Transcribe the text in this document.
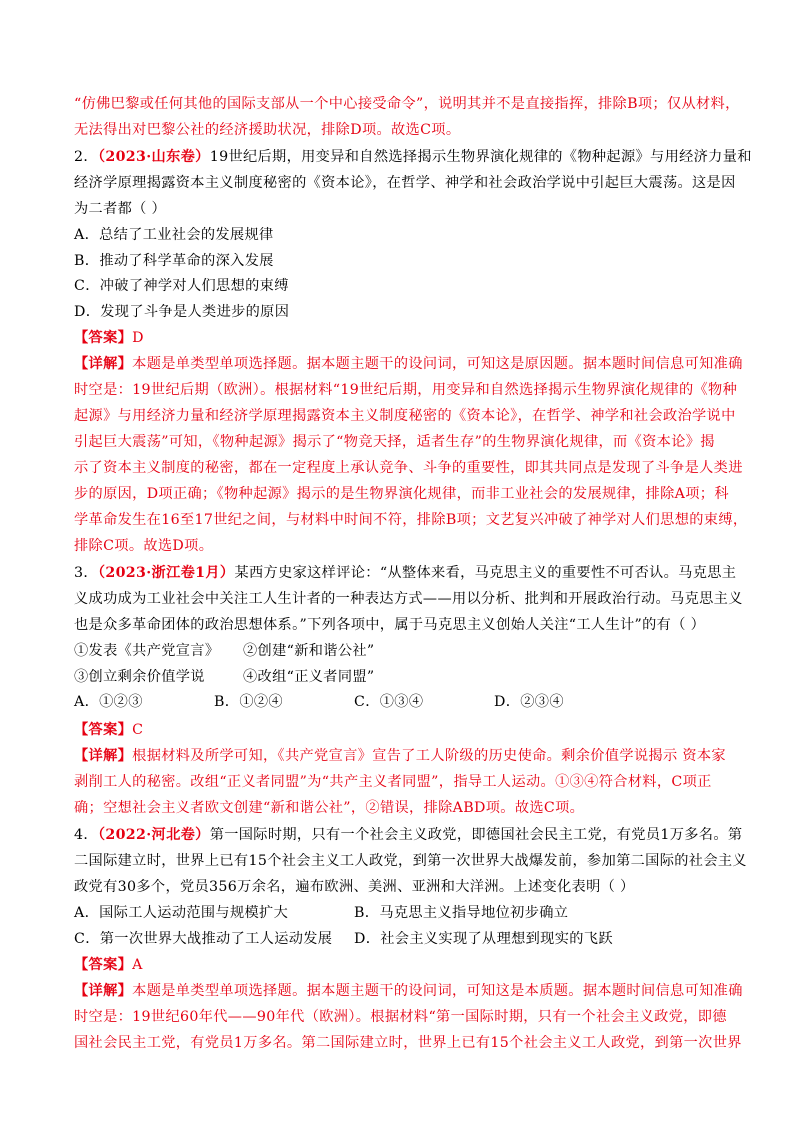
“仿佛巴黎或任何其他的国际支部从一个中心接受命令”，说明其并不是直接指挥，排除B项；仅从材料，
无法得出对巴黎公社的经济援助状况，排除D项。故选C项。
2．（2023·山东卷）19世纪后期，用变异和自然选择揭示生物界演化规律的《物种起源》与用经济力量和
经济学原理揭露资本主义制度秘密的《资本论》，在哲学、神学和社会政治学说中引起巨大震荡。这是因
为二者都（ ）
A．总结了工业社会的发展规律
B．推动了科学革命的深入发展
C．冲破了神学对人们思想的束缚
D．发现了斗争是人类进步的原因
【答案】D
【详解】本题是单类型单项选择题。据本题主题干的设问词，可知这是原因题。据本题时间信息可知准确
时空是：19世纪后期（欧洲）。根据材料“19世纪后期，用变异和自然选择揭示生物界演化规律的《物种
起源》与用经济力量和经济学原理揭露资本主义制度秘密的《资本论》，在哲学、神学和社会政治学说中
引起巨大震荡”可知，《物种起源》揭示了“物竞天择，适者生存”的生物界演化规律，而《资本论》揭
示了资本主义制度的秘密，都在一定程度上承认竞争、斗争的重要性，即其共同点是发现了斗争是人类进
步的原因，D项正确；《物种起源》揭示的是生物界演化规律，而非工业社会的发展规律，排除A项；科
学革命发生在16至17世纪之间，与材料中时间不符，排除B项；文艺复兴冲破了神学对人们思想的束缚，
排除C项。故选D项。
3．（2023·浙江卷1月）某西方史家这样评论：“从整体来看，马克思主义的重要性不可否认。马克思主
义成功成为工业社会中关注工人生计者的一种表达方式——用以分析、批判和开展政治行动。马克思主义
也是众多革命团体的政治思想体系。”下列各项中，属于马克思主义创始人关注“工人生计”的有（ ）
①发表《共产党宣言》 ②创建“新和谐公社”
③创立剩余价值学说	④改组“正义者同盟”
A．①②③	B．①②④	C．①③④	D．②③④
【答案】C
【详解】根据材料及所学可知，《共产党宣言》宣告了工人阶级的历史使命。剩余价值学说揭示 资本家
剥削工人的秘密。改组“正义者同盟”为“共产主义者同盟”，指导工人运动。①③④符合材料，C项正
确；空想社会主义者欧文创建“新和谐公社”，②错误，排除ABD项。故选C项。
4．（2022·河北卷）第一国际时期，只有一个社会主义政党，即德国社会民主工党，有党员1万多名。第
二国际建立时，世界上已有15个社会主义工人政党，到第一次世界大战爆发前，参加第二国际的社会主义
政党有30多个，党员356万余名，遍布欧洲、美洲、亚洲和大洋洲。上述变化表明（ ）
A．国际工人运动范围与规模扩大	B．马克思主义指导地位初步确立
C．第一次世界大战推动了工人运动发展 D．社会主义实现了从理想到现实的飞跃
【答案】A
【详解】本题是单类型单项选择题。据本题主题干的设问词，可知这是本质题。据本题时间信息可知准确
时空是：19世纪60年代——90年代（欧洲）。根据材料“第一国际时期，只有一个社会主义政党，即德
国社会民主工党，有党员1万多名。第二国际建立时，世界上已有15个社会主义工人政党，到第一次世界
